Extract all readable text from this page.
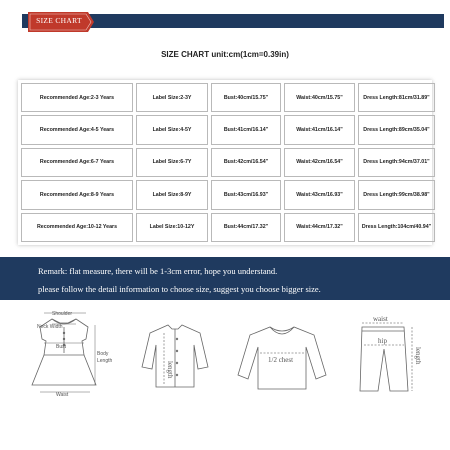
SIZE CHART
SIZE CHART unit:cm(1cm=0.39in)
Recommended Age:2-3 Years	Label Size:2-3Y	Bust:40cm/15.75"	Waist:40cm/15.75"	Dress Length:81cm/31.89"
Recommended Age:4-5 Years	Label Size:4-5Y	Bust:41cm/16.14"	Waist:41cm/16.14"	Dress Length:89cm/35.04"
Recommended Age:6-7 Years	Label Size:6-7Y	Bust:42cm/16.54"	Waist:42cm/16.54"	Dress Length:94cm/37.01"
Recommended Age:8-9 Years	Label Size:8-9Y	Bust:43cm/16.93"	Waist:43cm/16.93"	Dress Length:99cm/38.98"
Recommended Age:10-12 Years	Label Size:10-12Y	Bust:44cm/17.32"	Waist:44cm/17.32"	Dress Length:104cm/40.94"
Remark: flat measure, there will be 1-3cm error, hope you understand.
please follow the detail information to choose size, suggest you choose bigger size.
Shoulder
Neck Width
Bust
Waist
Body
Length	length
1/2 chest
waist
hip
length
